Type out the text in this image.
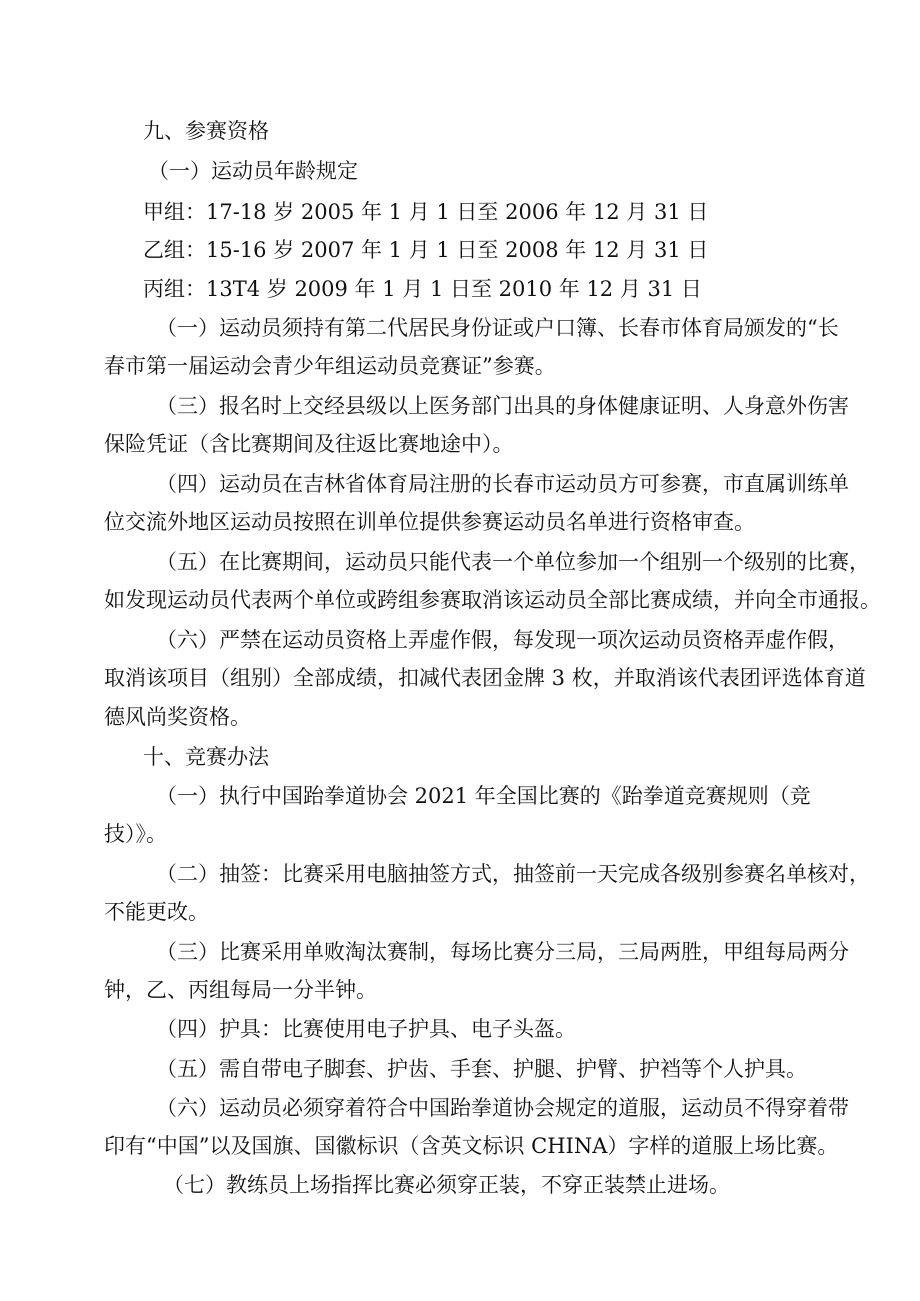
九、参赛资格
（一）运动员年龄规定
甲组：17-18 岁 2005 年 1 月 1 日至 2006 年 12 月 31 日
乙组：15-16 岁 2007 年 1 月 1 日至 2008 年 12 月 31 日
丙组：13T4 岁 2009 年 1 月 1 日至 2010 年 12 月 31 日
（一）运动员须持有第二代居民身份证或户口簿、长春市体育局颁发的“长
春市第一届运动会青少年组运动员竞赛证”参赛。
（三）报名时上交经县级以上医务部门出具的身体健康证明、人身意外伤害
保险凭证（含比赛期间及往返比赛地途中）。
（四）运动员在吉林省体育局注册的长春市运动员方可参赛，市直属训练单
位交流外地区运动员按照在训单位提供参赛运动员名单进行资格审查。
（五）在比赛期间，运动员只能代表一个单位参加一个组别一个级别的比赛，
如发现运动员代表两个单位或跨组参赛取消该运动员全部比赛成绩，并向全市通报。
（六）严禁在运动员资格上弄虚作假，每发现一项次运动员资格弄虚作假，
取消该项目（组别）全部成绩，扣减代表团金牌 3 枚，并取消该代表团评选体育道
德风尚奖资格。
十、竞赛办法
（一）执行中国跆拳道协会 2021 年全国比赛的《跆拳道竞赛规则（竞
技）》。
（二）抽签：比赛采用电脑抽签方式，抽签前一天完成各级别参赛名单核对，
不能更改。
（三）比赛采用单败淘汰赛制，每场比赛分三局，三局两胜，甲组每局两分
钟，乙、丙组每局一分半钟。
（四）护具：比赛使用电子护具、电子头盔。
（五）需自带电子脚套、护齿、手套、护腿、护臂、护裆等个人护具。
（六）运动员必须穿着符合中国跆拳道协会规定的道服，运动员不得穿着带
印有“中国”以及国旗、国徽标识（含英文标识 CHINA）字样的道服上场比赛。
（七）教练员上场指挥比赛必须穿正装，不穿正装禁止进场。
